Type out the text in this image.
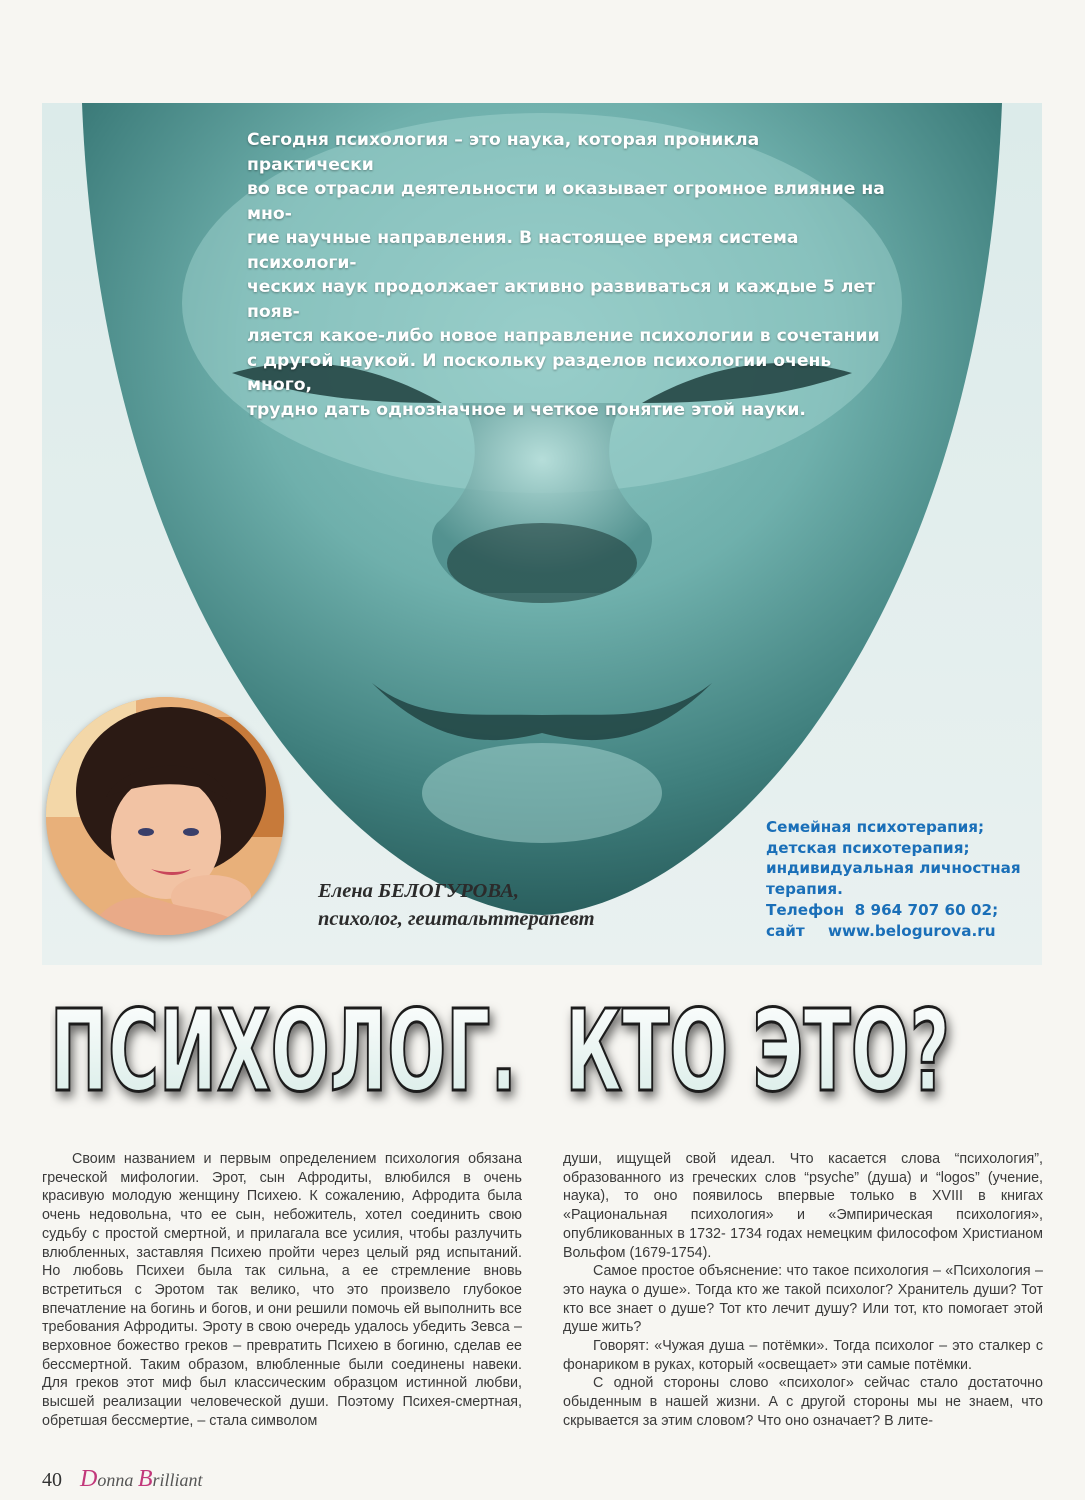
Сегодня психология – это наука, которая проникла практически
во все отрасли деятельности и оказывает огромное влияние на мно-
гие научные направления. В настоящее время система психологи-
ческих наук продолжает активно развиваться и каждые 5 лет появ-
ляется какое-либо новое направление психологии в сочетании
с другой наукой. И поскольку разделов психологии очень много,
трудно дать однозначное и четкое понятие этой науки.

Елена БЕЛОГУРОВА,
психолог, гештальттерапевт
Семейная психотерапия;
детская психотерапия;
индивидуальная личностная
терапия.
Телефон 8 964 707 60 02;
сайт www.belogurova.ru
ПСИХОЛОГ.  КТО ЭТО?

Своим названием и первым определением психология обязана греческой мифологии. Эрот, сын Афродиты, влюбился в очень красивую молодую женщину Психею. К сожалению, Афродита была очень недовольна, что ее сын, небожитель, хотел соединить свою судьбу с простой смертной, и прилагала все усилия, чтобы разлучить влюбленных, заставляя Психею пройти через целый ряд испытаний. Но любовь Психеи была так сильна, а ее стремление вновь встретиться с Эротом так велико, что это произвело глубокое впечатление на богинь и богов, и они решили помочь ей выполнить все требования Афродиты. Эроту в свою очередь удалось убедить Зевса – верховное божество греков – превратить Психею в богиню, сделав ее бессмертной. Таким образом, влюбленные были соединены навеки. Для греков этот миф был классическим образцом истинной любви, высшей реализации человеческой души. Поэтому Психея-смертная, обретшая бессмертие, – стала символом

души, ищущей свой идеал. Что касается слова “психология”, образованного из греческих слов “psyche” (душа) и “logos” (учение, наука), то оно появилось впервые только в XVIII в книгах «Рациональная психология» и «Эмпирическая психология», опубликованных в 1732- 1734 годах немецким философом Христианом Вольфом (1679-1754).

Самое простое объяснение: что такое психология – «Психология – это наука о душе». Тогда кто же такой психолог? Хранитель души? Тот кто все знает о душе? Тот кто лечит душу? Или тот, кто помогает этой душе жить?

Говорят: «Чужая душа – потёмки». Тогда психолог – это сталкер с фонариком в руках, который «освещает» эти самые потёмки.

С одной стороны слово «психолог» сейчас стало достаточно обыденным в нашей жизни. А с другой стороны мы не знаем, что скрывается за этим словом? Что оно означает? В лите-

40 Donna Brilliant
